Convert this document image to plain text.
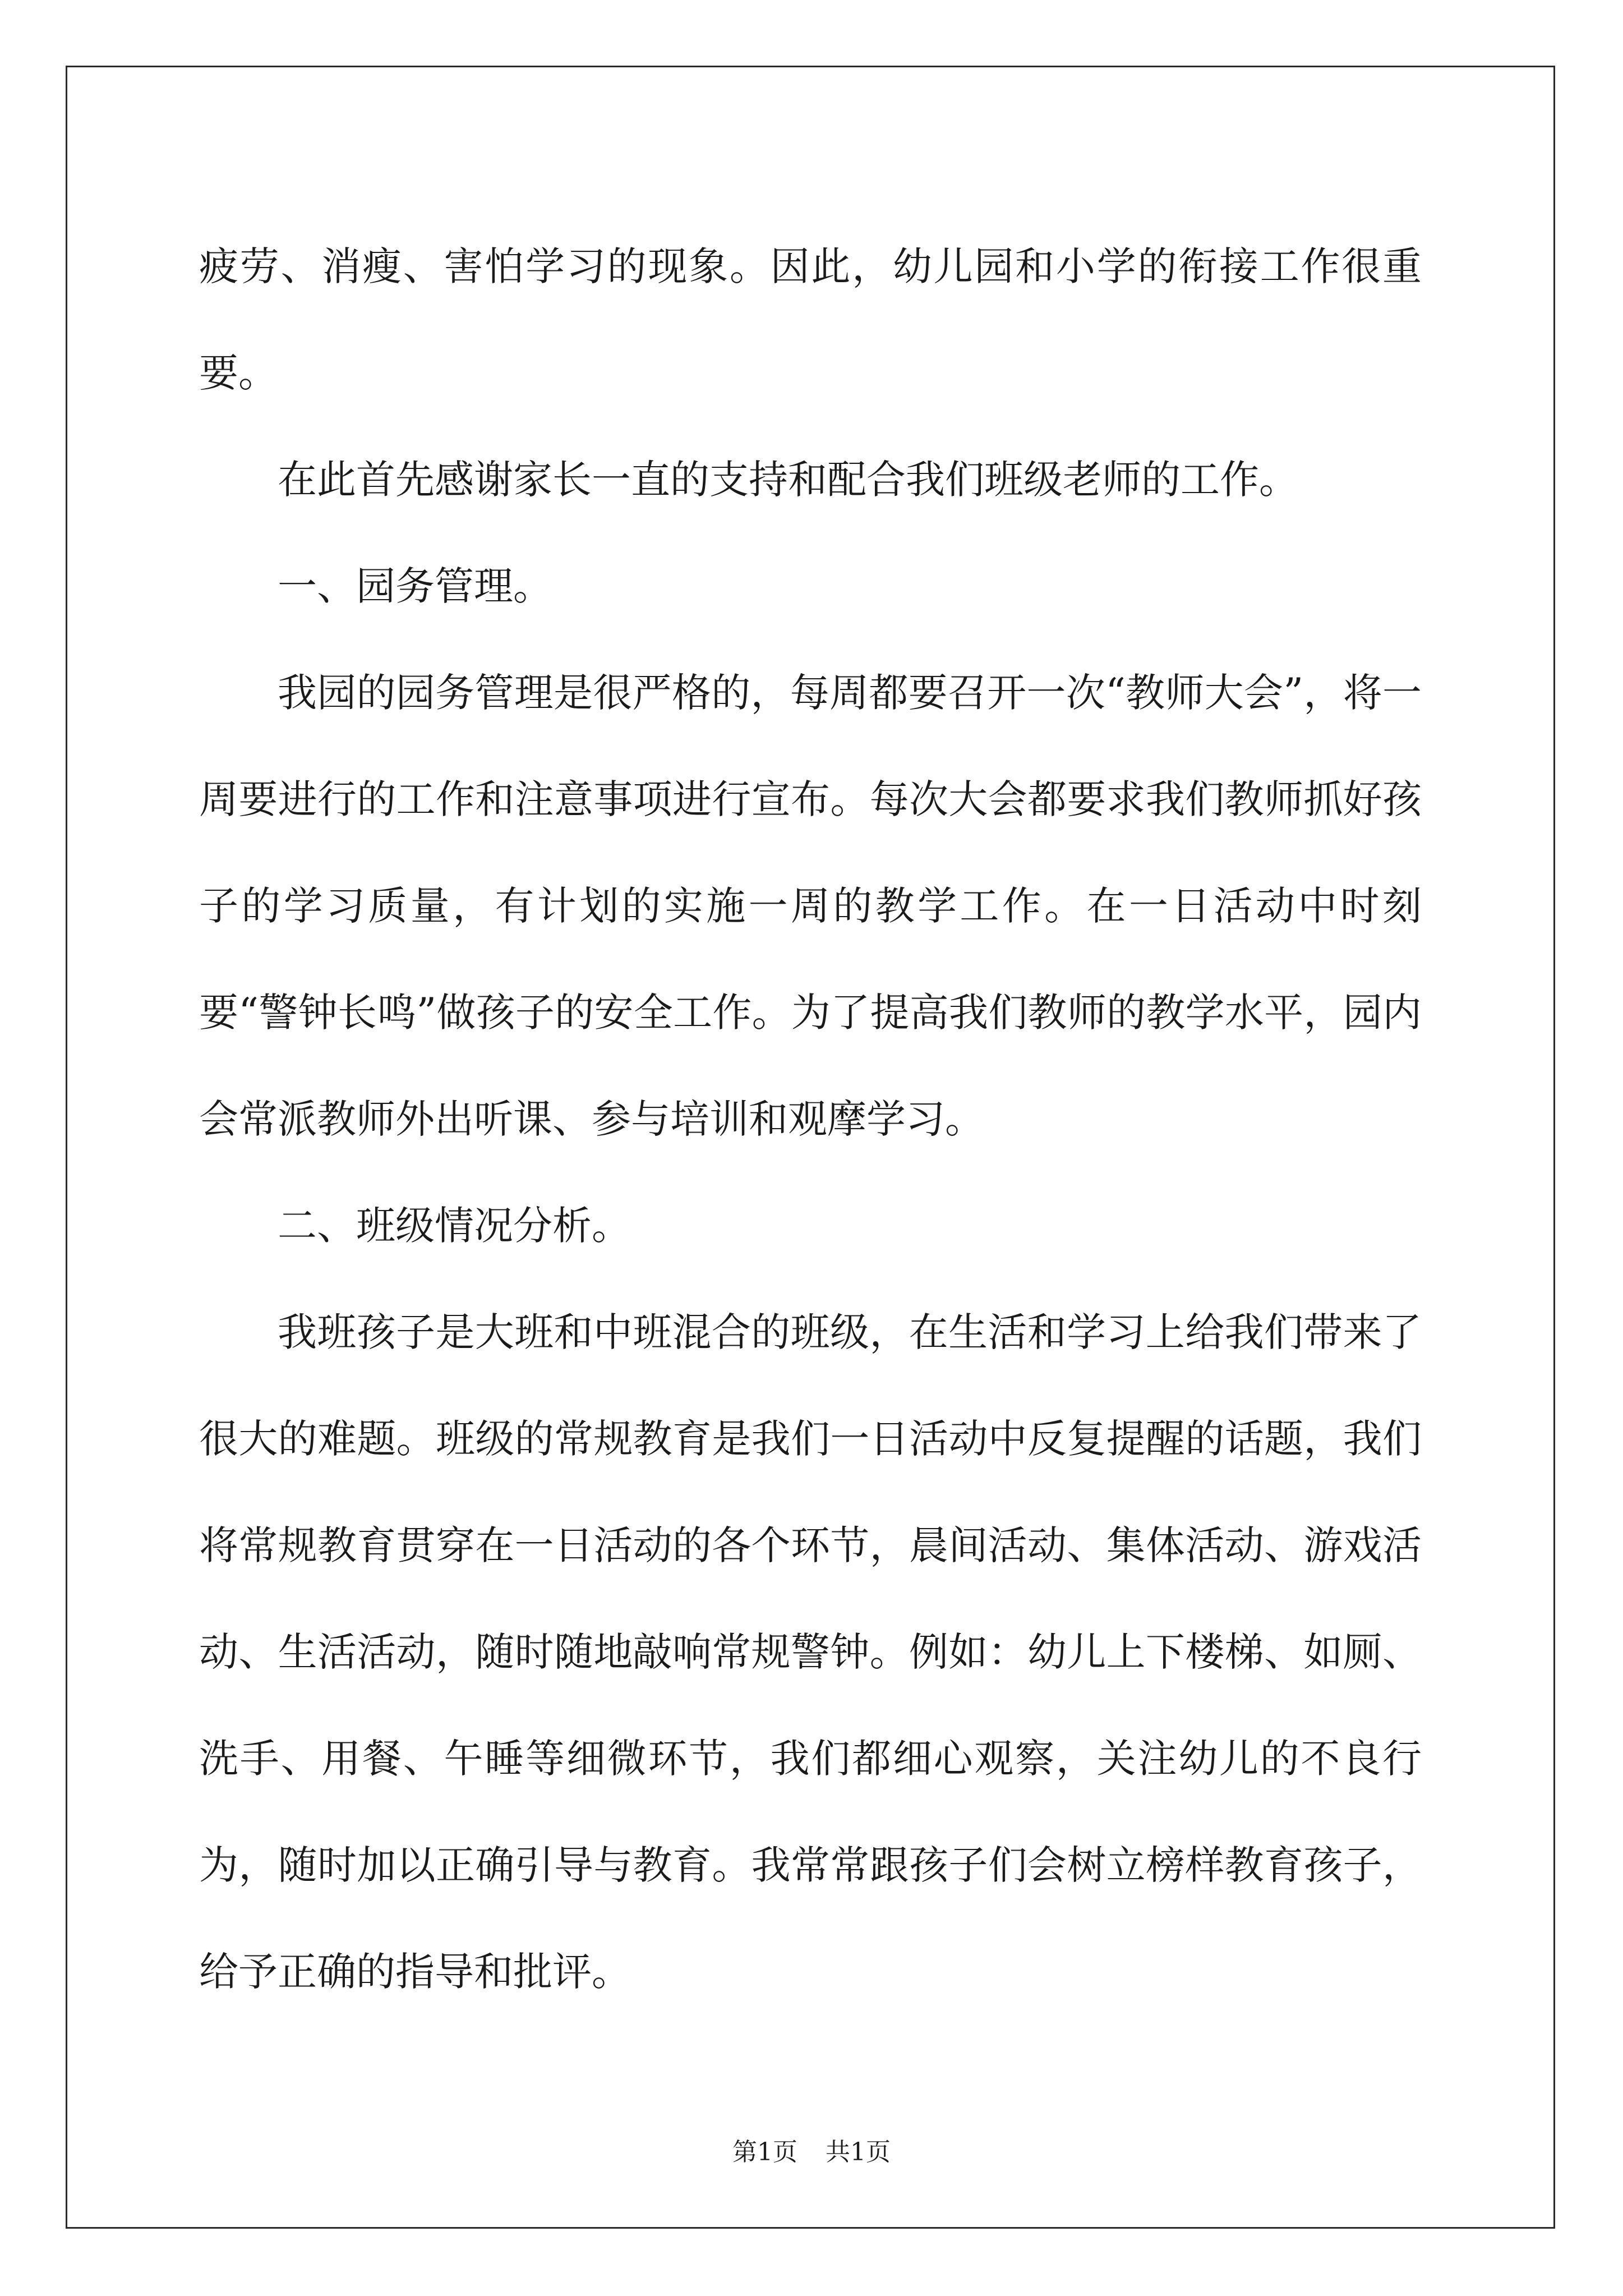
疲劳、消瘦、害怕学习的现象。因此，幼儿园和小学的衔接工作很重要。

在此首先感谢家长一直的支持和配合我们班级老师的工作。

一、园务管理。

我园的园务管理是很严格的，每周都要召开一次“教师大会”，将一周要进行的工作和注意事项进行宣布。每次大会都要求我们教师抓好孩子的学习质量，有计划的实施一周的教学工作。在一日活动中时刻要“警钟长鸣”做孩子的安全工作。为了提高我们教师的教学水平，园内会常派教师外出听课、参与培训和观摩学习。

二、班级情况分析。

我班孩子是大班和中班混合的班级，在生活和学习上给我们带来了很大的难题。班级的常规教育是我们一日活动中反复提醒的话题，我们将常规教育贯穿在一日活动的各个环节，晨间活动、集体活动、游戏活动、生活活动，随时随地敲响常规警钟。例如：幼儿上下楼梯、如厕、洗手、用餐、午睡等细微环节，我们都细心观察，关注幼儿的不良行为，随时加以正确引导与教育。我常常跟孩子们会树立榜样教育孩子，给予正确的指导和批评。

第1页 共1页
